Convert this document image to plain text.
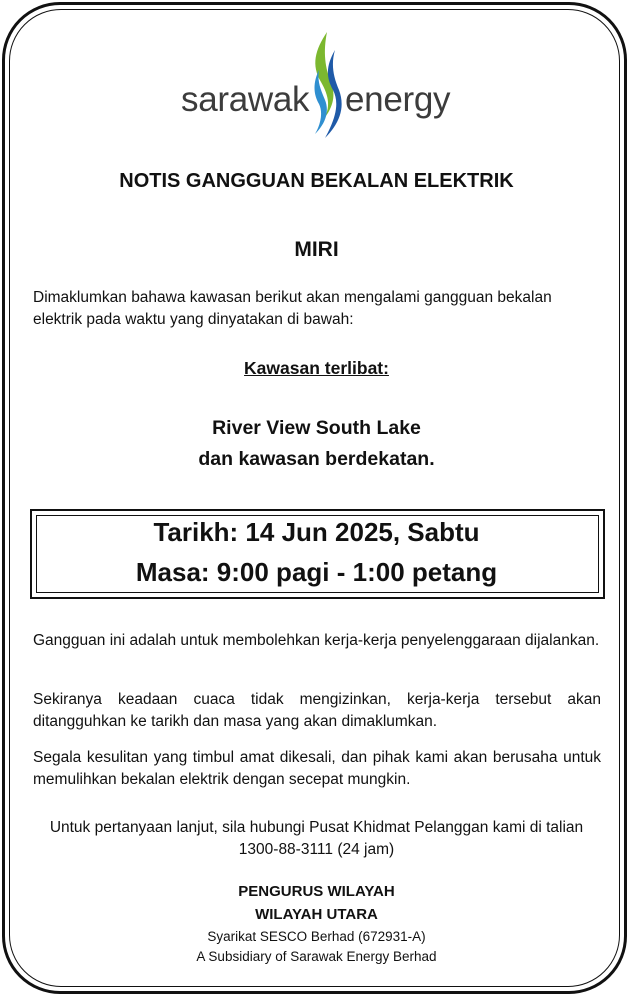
sarawak energy
NOTIS GANGGUAN BEKALAN ELEKTRIK
MIRI
Dimaklumkan bahawa kawasan berikut akan mengalami gangguan bekalan elektrik pada waktu yang dinyatakan di bawah:
Kawasan terlibat:
River View South Lake
dan kawasan berdekatan.
Tarikh: 14 Jun 2025, Sabtu
Masa: 9:00 pagi - 1:00 petang
Gangguan ini adalah untuk membolehkan kerja-kerja penyelenggaraan dijalankan.
Sekiranya keadaan cuaca tidak mengizinkan, kerja-kerja tersebut akan ditangguhkan ke tarikh dan masa yang akan dimaklumkan.
Segala kesulitan yang timbul amat dikesali, dan pihak kami akan berusaha untuk memulihkan bekalan elektrik dengan secepat mungkin.
Untuk pertanyaan lanjut, sila hubungi Pusat Khidmat Pelanggan kami di talian 1300-88-3111 (24 jam)
PENGURUS WILAYAH
WILAYAH UTARA
Syarikat SESCO Berhad (672931-A)
A Subsidiary of Sarawak Energy Berhad
